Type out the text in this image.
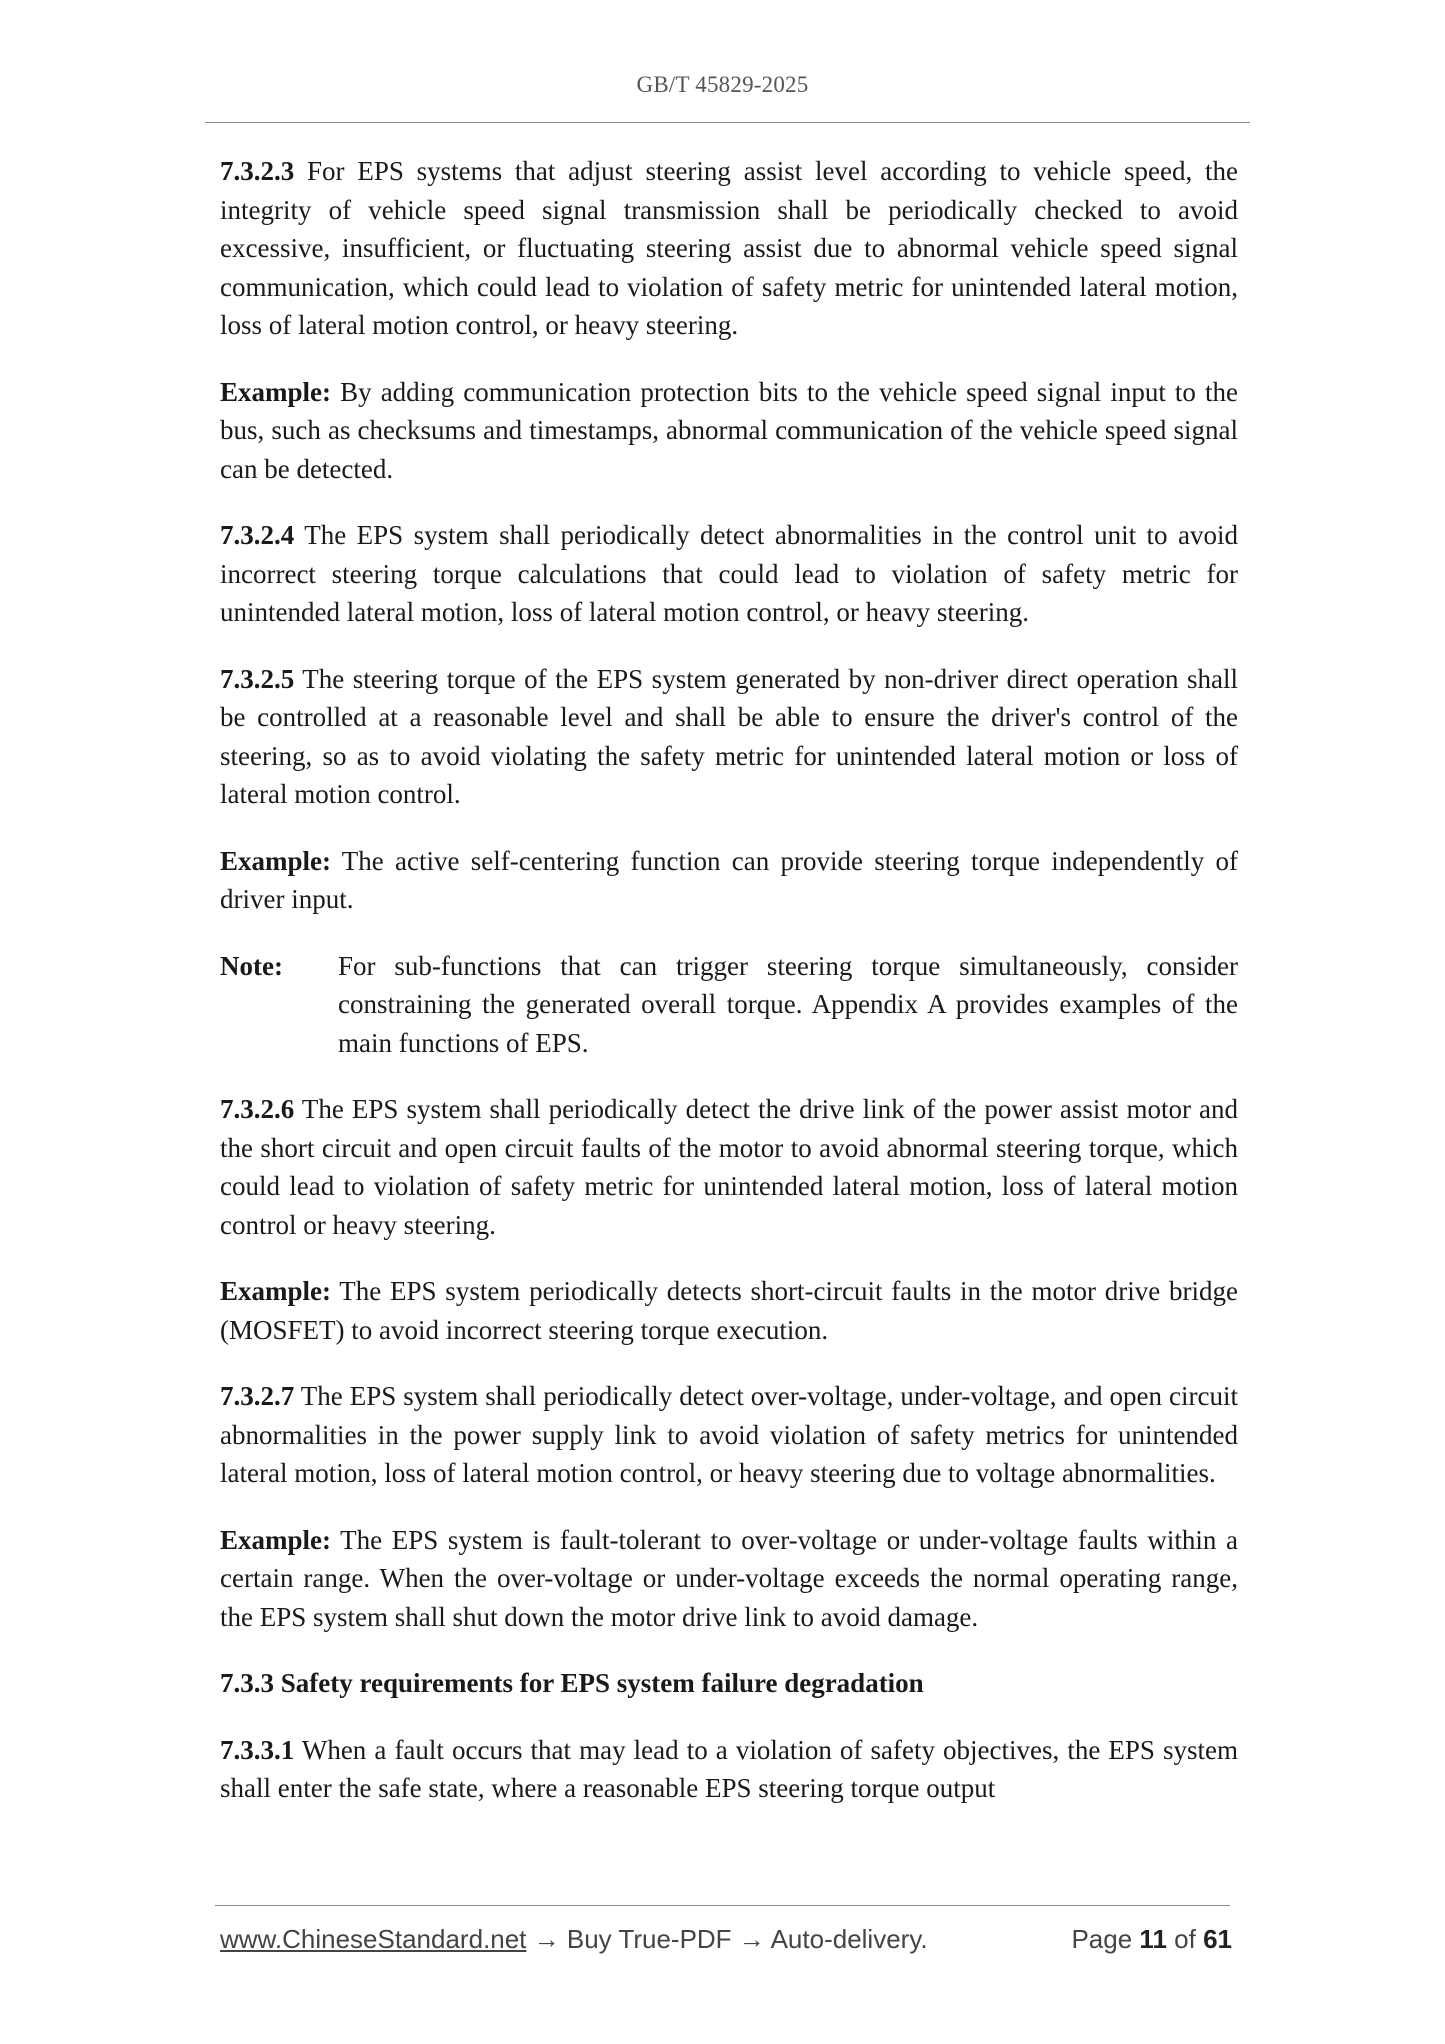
GB/T 45829-2025

7.3.2.3 For EPS systems that adjust steering assist level according to vehicle speed, the integrity of vehicle speed signal transmission shall be periodically checked to avoid excessive, insufficient, or fluctuating steering assist due to abnormal vehicle speed signal communication, which could lead to violation of safety metric for unintended lateral motion, loss of lateral motion control, or heavy steering.

Example: By adding communication protection bits to the vehicle speed signal input to the bus, such as checksums and timestamps, abnormal communication of the vehicle speed signal can be detected.

7.3.2.4 The EPS system shall periodically detect abnormalities in the control unit to avoid incorrect steering torque calculations that could lead to violation of safety metric for unintended lateral motion, loss of lateral motion control, or heavy steering.

7.3.2.5 The steering torque of the EPS system generated by non-driver direct operation shall be controlled at a reasonable level and shall be able to ensure the driver's control of the steering, so as to avoid violating the safety metric for unintended lateral motion or loss of lateral motion control.

Example: The active self-centering function can provide steering torque independently of driver input.

Note:	For sub-functions that can trigger steering torque simultaneously, consider constraining the generated overall torque. Appendix A provides examples of the main functions of EPS.

7.3.2.6 The EPS system shall periodically detect the drive link of the power assist motor and the short circuit and open circuit faults of the motor to avoid abnormal steering torque, which could lead to violation of safety metric for unintended lateral motion, loss of lateral motion control or heavy steering.

Example: The EPS system periodically detects short-circuit faults in the motor drive bridge (MOSFET) to avoid incorrect steering torque execution.

7.3.2.7 The EPS system shall periodically detect over-voltage, under-voltage, and open circuit abnormalities in the power supply link to avoid violation of safety metrics for unintended lateral motion, loss of lateral motion control, or heavy steering due to voltage abnormalities.

Example: The EPS system is fault-tolerant to over-voltage or under-voltage faults within a certain range. When the over-voltage or under-voltage exceeds the normal operating range, the EPS system shall shut down the motor drive link to avoid damage.

7.3.3 Safety requirements for EPS system failure degradation

7.3.3.1 When a fault occurs that may lead to a violation of safety objectives, the EPS system shall enter the safe state, where a reasonable EPS steering torque output

www.ChineseStandard.net → Buy True-PDF → Auto-delivery.	Page 11 of 61
